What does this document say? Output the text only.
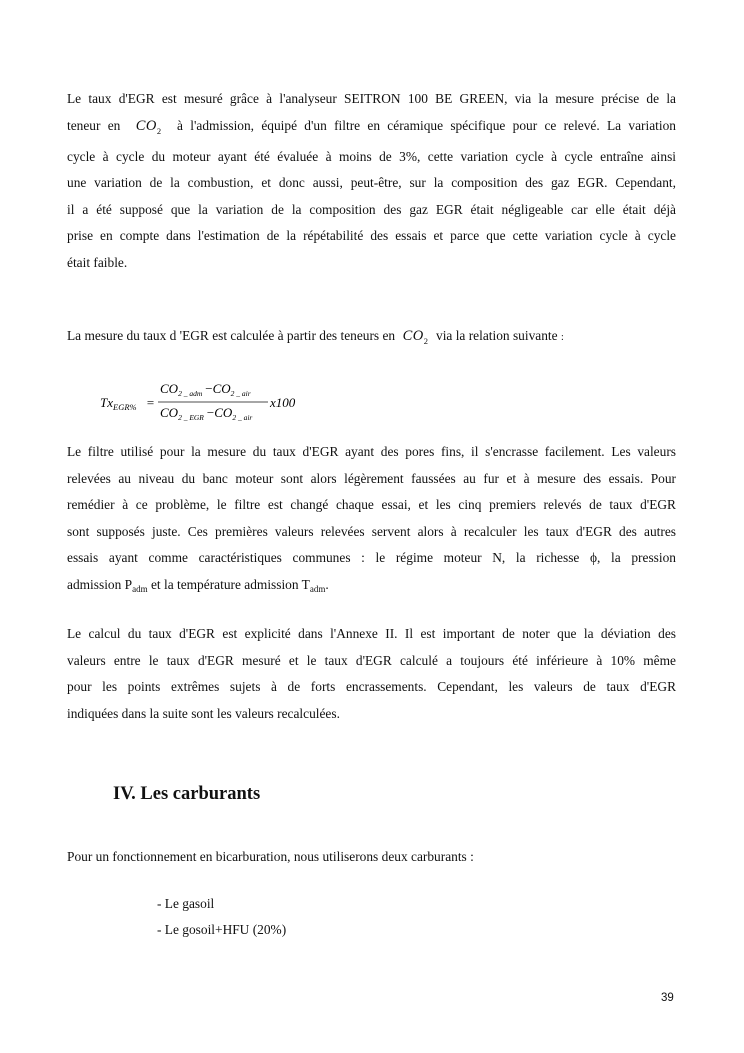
Le taux d'EGR est mesuré grâce à l'analyseur SEITRON 100 BE GREEN, via la mesure précise de la
teneur en $CO_2$ à l'admission, équipé d'un filtre en céramique spécifique pour ce relevé. La variation
cycle à cycle du moteur ayant été évaluée à moins de 3%, cette variation cycle à cycle entraîne ainsi
une variation de la combustion, et donc aussi, peut-être, sur la composition des gaz EGR. Cependant,
il a été supposé que la variation de la composition des gaz EGR était négligeable car elle était déjà
prise en compte dans l'estimation de la répétabilité des essais et parce que cette variation cycle à cycle
était faible.
La mesure du taux d 'EGR est calculée à partir des teneurs en $CO_2$ via la relation suivante :
$Tx_{EGR\%}$ =
$CO_{2 \_ adm} -CO_{2 \_ air}$
$CO_{2 \_ EGR} -CO_{2 \_ air}$
x100
Le filtre utilisé pour la mesure du taux d'EGR ayant des pores fins, il s'encrasse facilement. Les valeurs
relevées au niveau du banc moteur sont alors légèrement faussées au fur et à mesure des essais. Pour
remédier à ce problème, le filtre est changé chaque essai, et les cinq premiers relevés de taux d'EGR
sont supposés juste. Ces premières valeurs relevées servent alors à recalculer les taux d'EGR des autres
essais ayant comme caractéristiques communes : le régime moteur N, la richesse ϕ, la pression
admission $P_{adm}$ et la température admission $T_{adm}$.
Le calcul du taux d'EGR est explicité dans l'Annexe II. Il est important de noter que la déviation des
valeurs entre le taux d'EGR mesuré et le taux d'EGR calculé a toujours été inférieure à 10% même
pour les points extrêmes sujets à de forts encrassements. Cependant, les valeurs de taux d'EGR
indiquées dans la suite sont les valeurs recalculées.
IV. Les carburants
Pour un fonctionnement en bicarburation, nous utiliserons deux carburants :
- Le gasoil
- Le gosoil+HFU (20%)
39
